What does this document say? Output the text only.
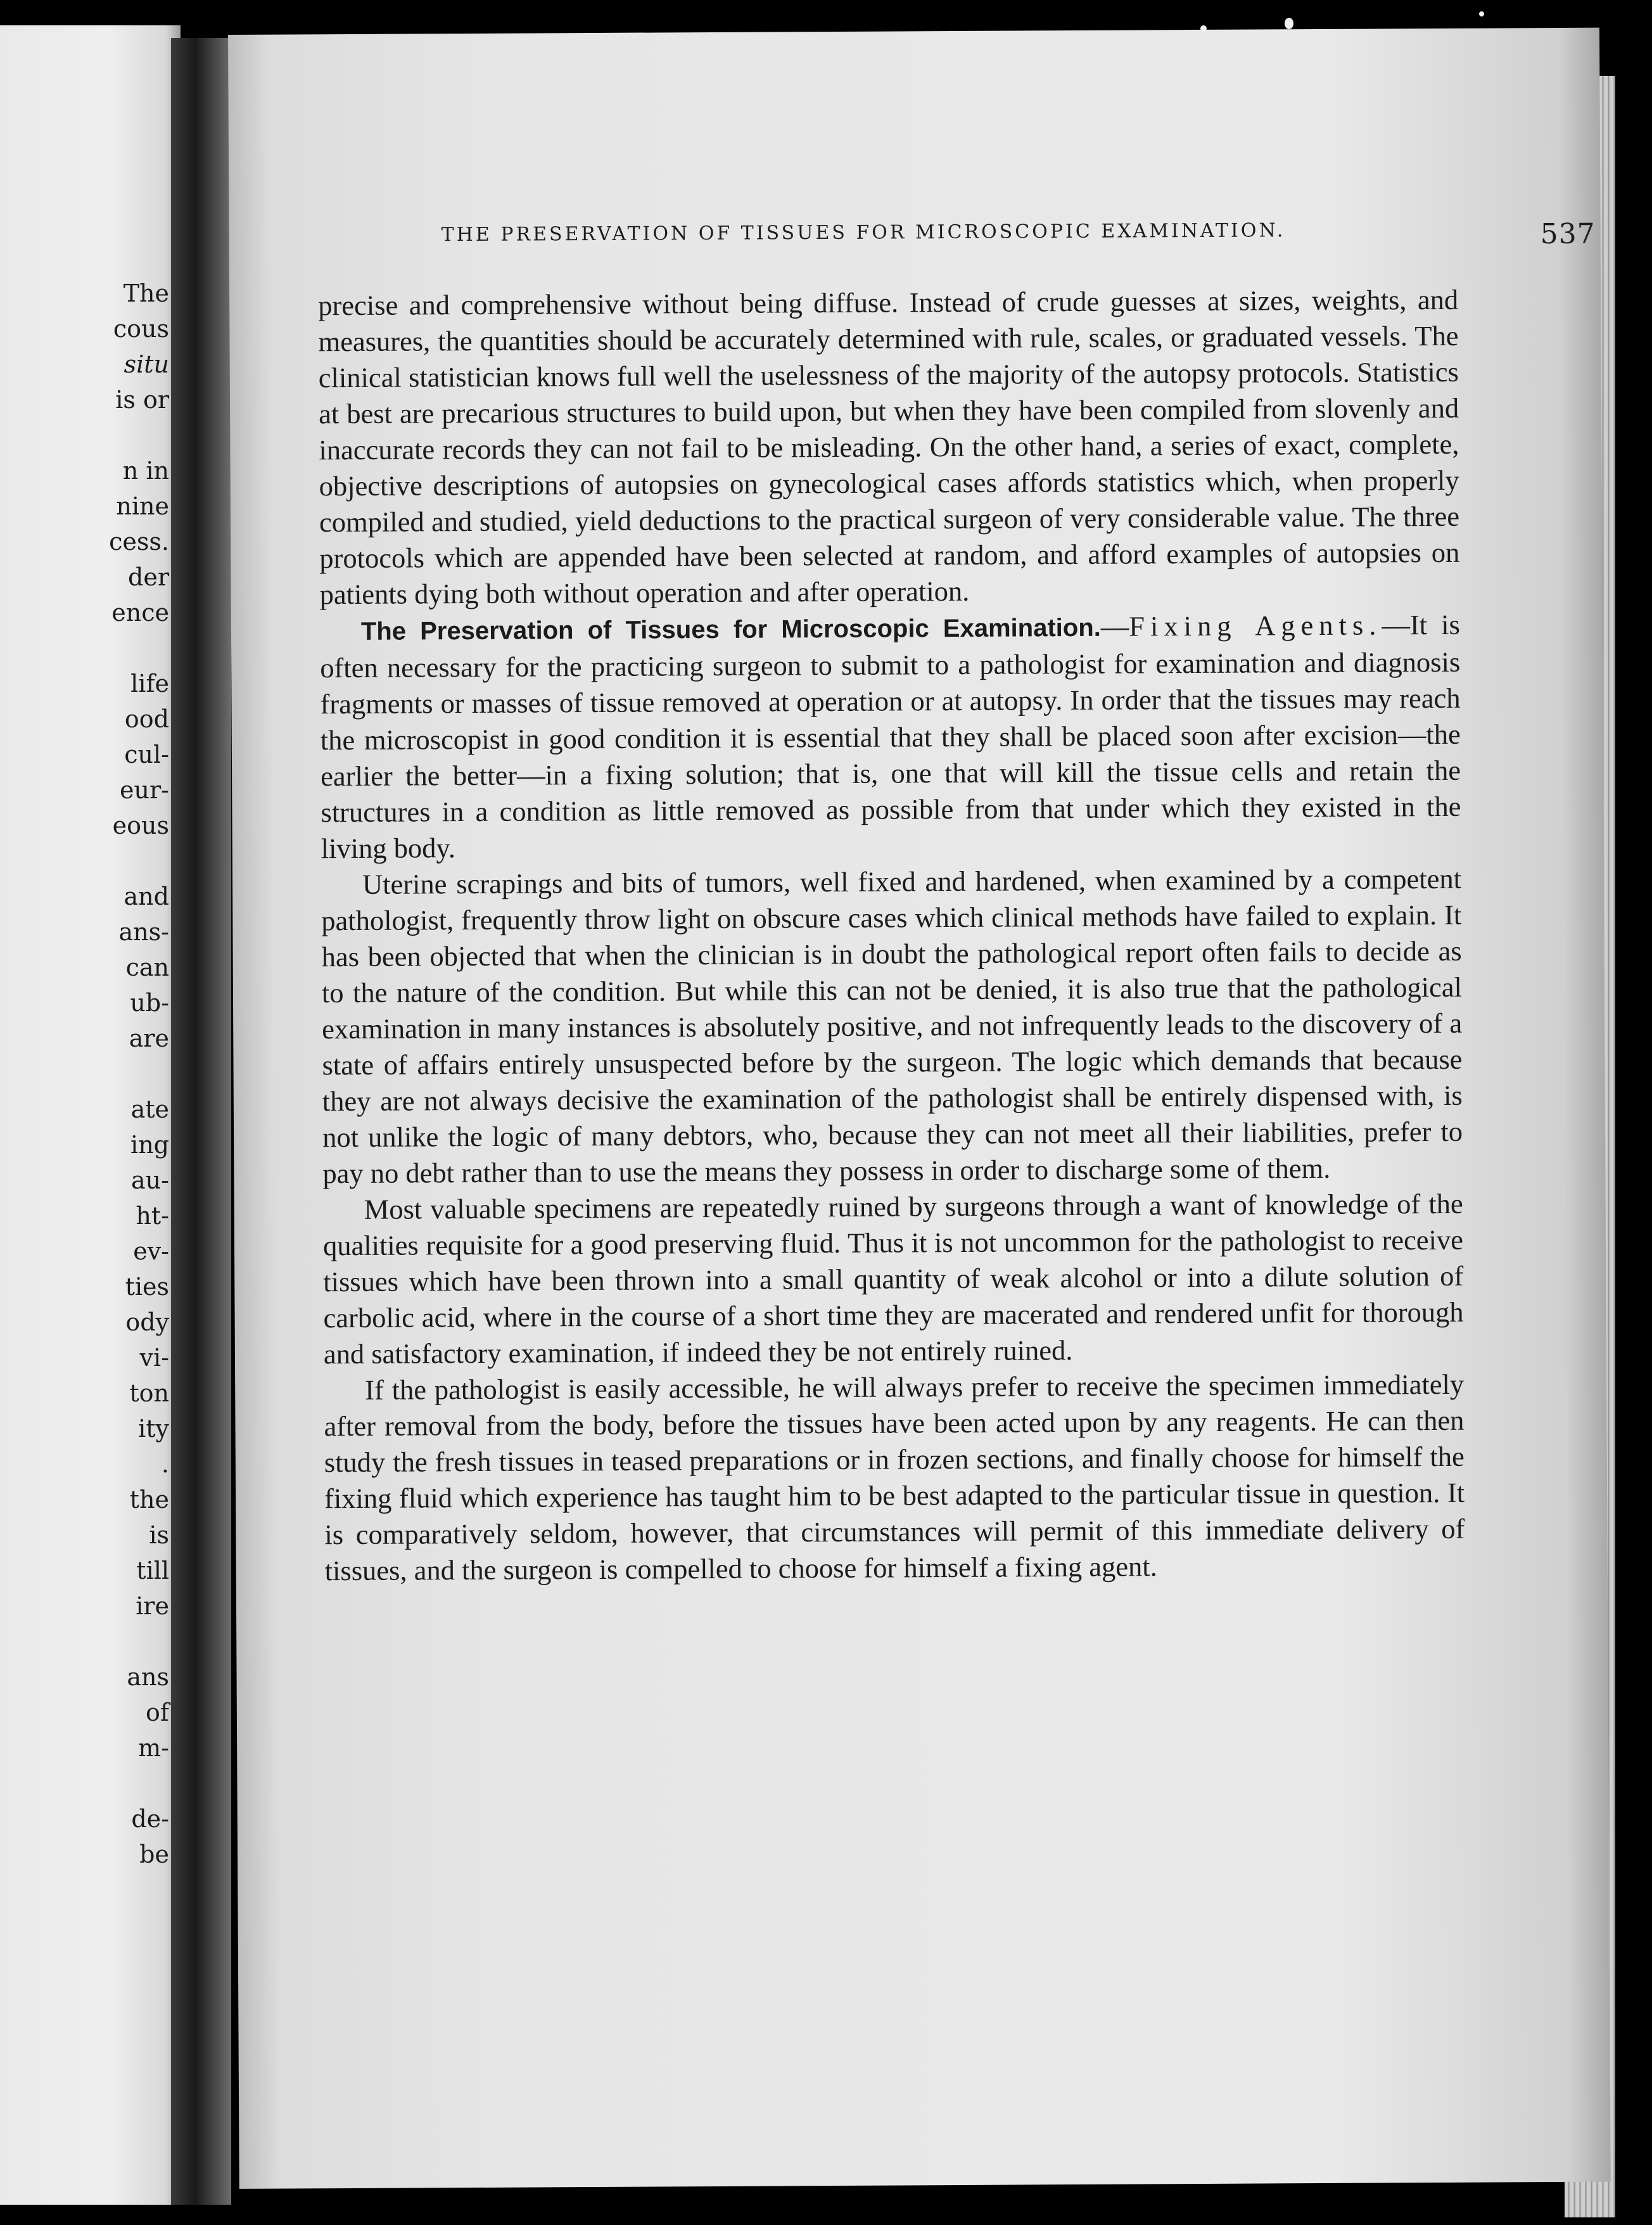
The
cous
situ
is or
n in
nine
cess.
der
ence
life
ood
cul-
eur-
eous
and
ans-
can
ub-
are
ate
ing
au-
ht-
ev-
ties
ody
vi-
ton
ity
.
the
is
till
ire
ans
of
m-
de-
be
THE PRESERVATION OF TISSUES FOR MICROSCOPIC EXAMINATION.	537

precise and comprehensive without being diffuse. Instead of crude guesses at sizes, weights, and measures, the quantities should be accurately determined with rule, scales, or graduated vessels. The clinical statistician knows full well the uselessness of the majority of the autopsy protocols. Statistics at best are precarious structures to build upon, but when they have been compiled from slovenly and inaccurate records they can not fail to be misleading. On the other hand, a series of exact, complete, objective descriptions of autopsies on gynecological cases affords statistics which, when properly compiled and studied, yield deductions to the practical surgeon of very considerable value. The three protocols which are appended have been selected at random, and afford examples of autopsies on patients dying both without operation and after operation.

The Preservation of Tissues for Microscopic Examination.—Fixing Agents.—It is often necessary for the practicing surgeon to submit to a pathologist for examination and diagnosis fragments or masses of tissue removed at operation or at autopsy. In order that the tissues may reach the microscopist in good condition it is essential that they shall be placed soon after excision—the earlier the better—in a fixing solution; that is, one that will kill the tissue cells and retain the structures in a condition as little removed as possible from that under which they existed in the living body.

Uterine scrapings and bits of tumors, well fixed and hardened, when examined by a competent pathologist, frequently throw light on obscure cases which clinical methods have failed to explain. It has been objected that when the clinician is in doubt the pathological report often fails to decide as to the nature of the condition. But while this can not be denied, it is also true that the pathological examination in many instances is absolutely positive, and not infrequently leads to the discovery of a state of affairs entirely unsuspected before by the surgeon. The logic which demands that because they are not always decisive the examination of the pathologist shall be entirely dispensed with, is not unlike the logic of many debtors, who, because they can not meet all their liabilities, prefer to pay no debt rather than to use the means they possess in order to discharge some of them.

Most valuable specimens are repeatedly ruined by surgeons through a want of knowledge of the qualities requisite for a good preserving fluid. Thus it is not uncommon for the pathologist to receive tissues which have been thrown into a small quantity of weak alcohol or into a dilute solution of carbolic acid, where in the course of a short time they are macerated and rendered unfit for thorough and satisfactory examination, if indeed they be not entirely ruined.

If the pathologist is easily accessible, he will always prefer to receive the specimen immediately after removal from the body, before the tissues have been acted upon by any reagents. He can then study the fresh tissues in teased preparations or in frozen sections, and finally choose for himself the fixing fluid which experience has taught him to be best adapted to the particular tissue in question. It is comparatively seldom, however, that circumstances will permit of this immediate delivery of tissues, and the surgeon is compelled to choose for himself a fixing agent.
